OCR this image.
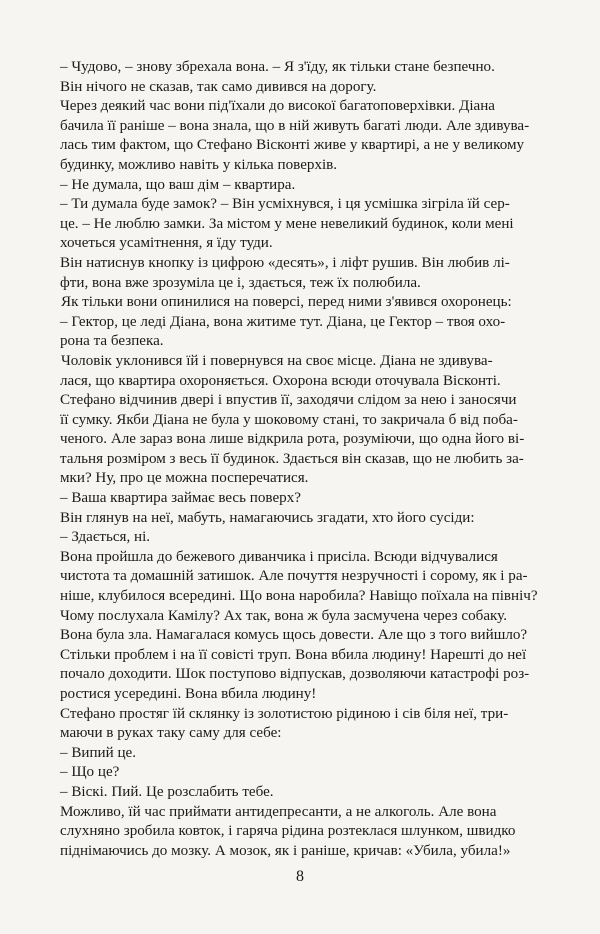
– Чудово, – знову збрехала вона. – Я з'їду, як тільки стане безпечно.
Він нічого не сказав, так само дивився на дорогу.
Через деякий час вони під'їхали до високої багатоповерхівки. Діана
бачила її раніше – вона знала, що в ній живуть багаті люди. Але здивува-
лась тим фактом, що Стефано Вісконті живе у квартирі, а не у великому
будинку, можливо навіть у кілька поверхів.
– Не думала, що ваш дім – квартира.
– Ти думала буде замок? – Він усміхнувся, і ця усмішка зігріла їй сер-
це. – Не люблю замки. За містом у мене невеликий будинок, коли мені
хочеться усамітнення, я їду туди.
Він натиснув кнопку із цифрою «десять», і ліфт рушив. Він любив лі-
фти, вона вже зрозуміла це і, здається, теж їх полюбила.
Як тільки вони опинилися на поверсі, перед ними з'явився охоронець:
– Гектор, це леді Діана, вона житиме тут. Діана, це Гектор – твоя охо-
рона та безпека.
Чоловік уклонився їй і повернувся на своє місце. Діана не здивува-
лася, що квартира охороняється. Охорона всюди оточувала Вісконті.
Стефано відчинив двері і впустив її, заходячи слідом за нею і заносячи
її сумку. Якби Діана не була у шоковому стані, то закричала б від поба-
ченого. Але зараз вона лише відкрила рота, розуміючи, що одна його ві-
тальня розміром з весь її будинок. Здається він сказав, що не любить за-
мки? Ну, про це можна посперечатися.
– Ваша квартира займає весь поверх?
Він глянув на неї, мабуть, намагаючись згадати, хто його сусіди:
– Здається, ні.
Вона пройшла до бежевого диванчика і присіла. Всюди відчувалися
чистота та домашній затишок. Але почуття незручності і сорому, як і ра-
ніше, клубилося всередині. Що вона наробила? Навіщо поїхала на північ?
Чому послухала Камілу? Ах так, вона ж була засмучена через собаку.
Вона була зла. Намагалася комусь щось довести. Але що з того вийшло?
Стільки проблем і на її совісті труп. Вона вбила людину! Нарешті до неї
почало доходити. Шок поступово відпускав, дозволяючи катастрофі роз-
ростися усередині. Вона вбила людину!
Стефано простяг їй склянку із золотистою рідиною і сів біля неї, три-
маючи в руках таку саму для себе:
– Випий це.
– Що це?
– Віскі. Пий. Це розслабить тебе.
Можливо, їй час приймати антидепресанти, а не алкоголь. Але вона
слухняно зробила ковток, і гаряча рідина розтеклася шлунком, швидко
піднімаючись до мозку. А мозок, як і раніше, кричав: «Убила, убила!»
8
